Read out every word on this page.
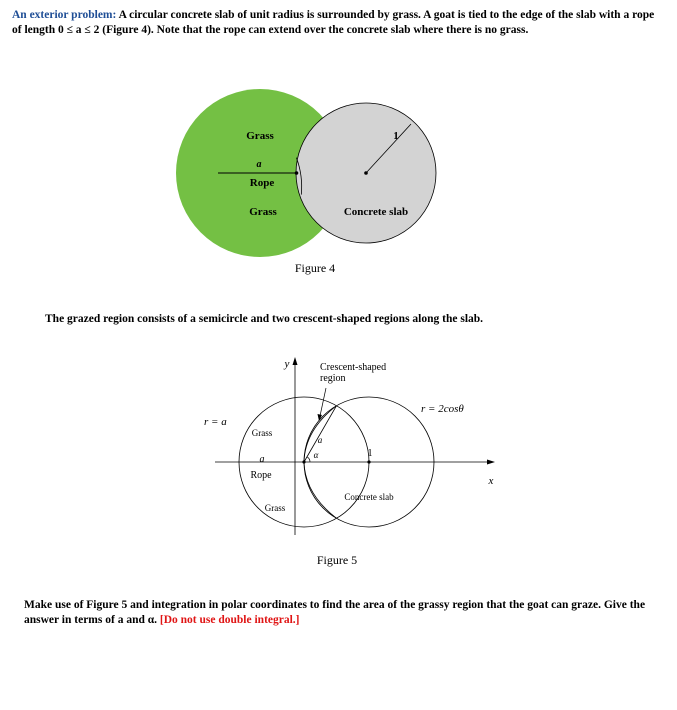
An exterior problem: A circular concrete slab of unit radius is surrounded by grass. A goat is tied to the edge of the slab with a rope of length 0 ≤ a ≤ 2 (Figure 4). Note that the rope can extend over the concrete slab where there is no grass.
Grass
a
Rope
Grass	Concrete slab
1
Figure 4
y
x
Crescent-shaped
region
r = 2cosθ
r = a
Grass
a
Rope
Grass
a
α	1
Concrete slab
Figure 5
The grazed region consists of a semicircle and two crescent-shaped regions along the slab.
Make use of Figure 5 and integration in polar coordinates to find the area of the grassy region that the goat can graze. Give the answer in terms of a and α. [Do not use double integral.]
